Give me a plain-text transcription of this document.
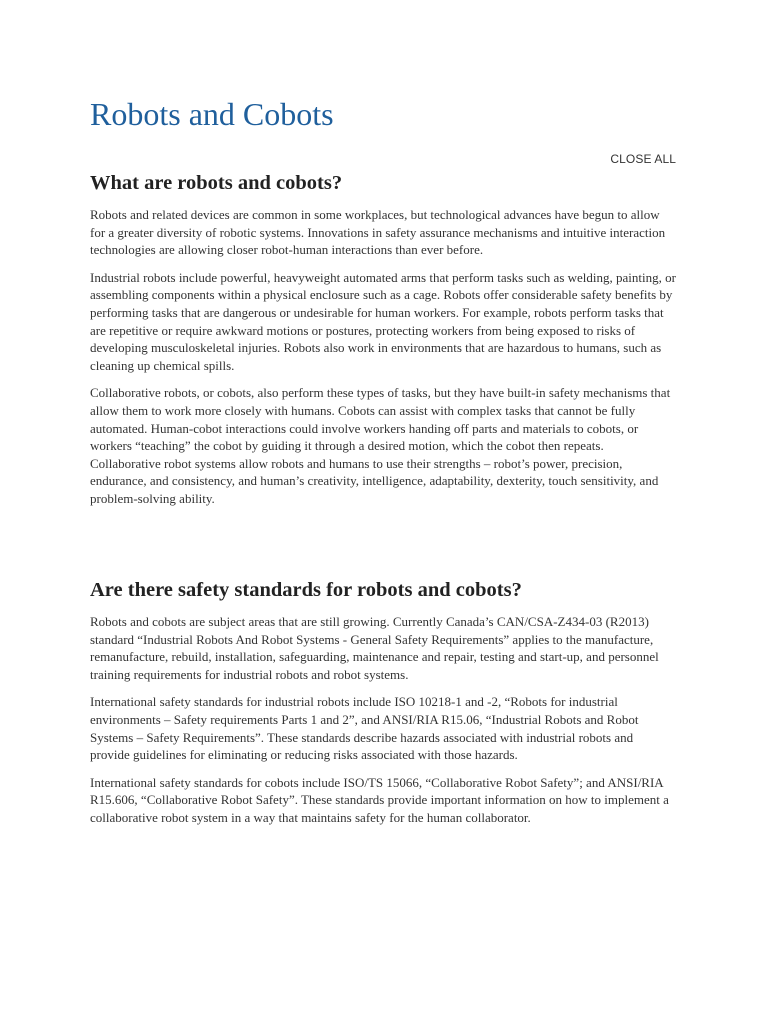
Robots and Cobots
CLOSE ALL
What are robots and cobots?

Robots and related devices are common in some workplaces, but technological advances have begun to allow for a greater diversity of robotic systems. Innovations in safety assurance mechanisms and intuitive interaction technologies are allowing closer robot-human interactions than ever before.

Industrial robots include powerful, heavyweight automated arms that perform tasks such as welding, painting, or assembling components within a physical enclosure such as a cage. Robots offer considerable safety benefits by performing tasks that are dangerous or undesirable for human workers. For example, robots perform tasks that are repetitive or require awkward motions or postures, protecting workers from being exposed to risks of developing musculoskeletal injuries. Robots also work in environments that are hazardous to humans, such as cleaning up chemical spills.

Collaborative robots, or cobots, also perform these types of tasks, but they have built-in safety mechanisms that allow them to work more closely with humans. Cobots can assist with complex tasks that cannot be fully automated. Human-cobot interactions could involve workers handing off parts and materials to cobots, or workers “teaching” the cobot by guiding it through a desired motion, which the cobot then repeats. Collaborative robot systems allow robots and humans to use their strengths – robot’s power, precision, endurance, and consistency, and human’s creativity, intelligence, adaptability, dexterity, touch sensitivity, and problem-solving ability.

Are there safety standards for robots and cobots?

Robots and cobots are subject areas that are still growing. Currently Canada’s CAN/CSA-Z434-03 (R2013) standard “Industrial Robots And Robot Systems - General Safety Requirements” applies to the manufacture, remanufacture, rebuild, installation, safeguarding, maintenance and repair, testing and start-up, and personnel training requirements for industrial robots and robot systems.

International safety standards for industrial robots include ISO 10218-1 and -2, “Robots for industrial environments – Safety requirements Parts 1 and 2”, and ANSI/RIA R15.06, “Industrial Robots and Robot Systems – Safety Requirements”. These standards describe hazards associated with industrial robots and provide guidelines for eliminating or reducing risks associated with those hazards.

International safety standards for cobots include ISO/TS 15066, “Collaborative Robot Safety”; and ANSI/RIA R15.606, “Collaborative Robot Safety”. These standards provide important information on how to implement a collaborative robot system in a way that maintains safety for the human collaborator.
